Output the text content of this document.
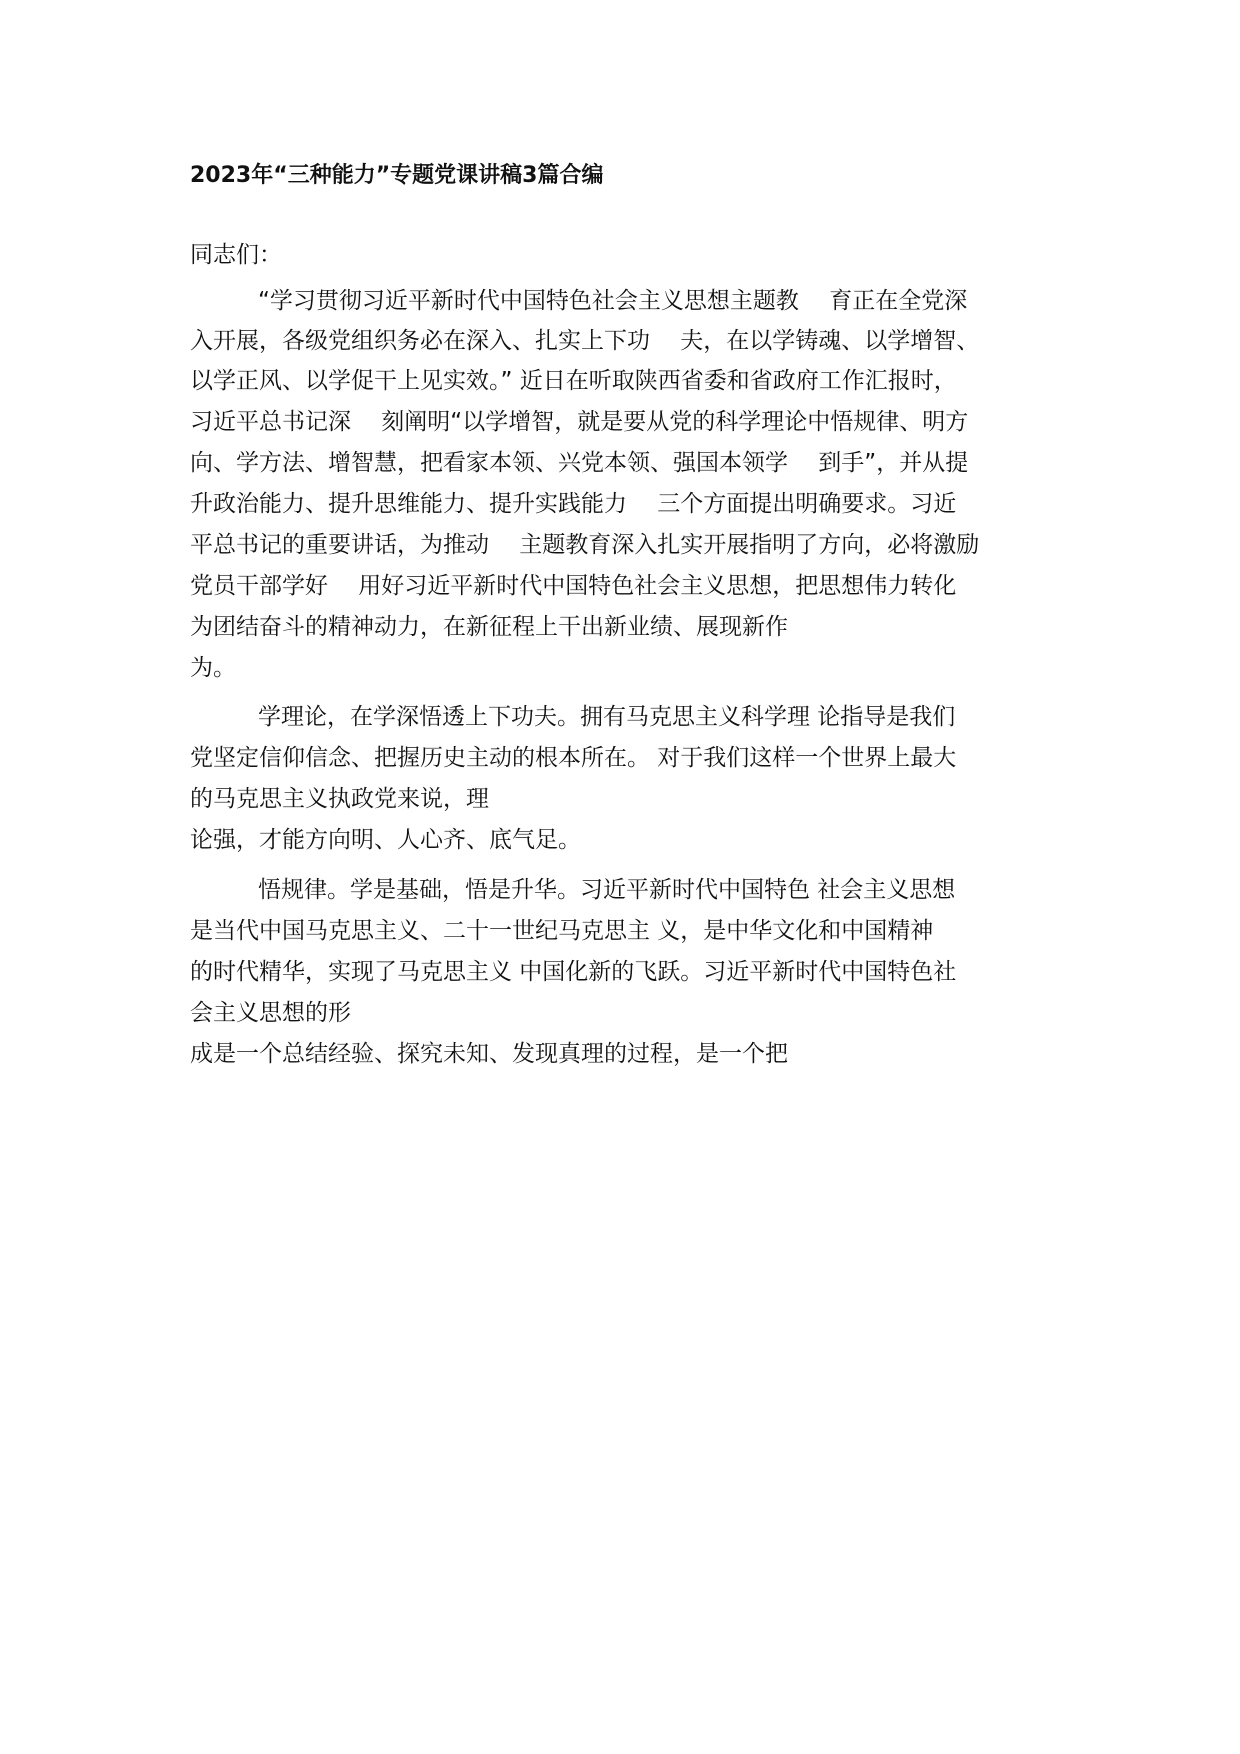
2023年“三种能力”专题党课讲稿3篇合编
同志们：
“学习贯彻习近平新时代中国特色社会主义思想主题教 　育正在全党深
入开展，各级党组织务必在深入、扎实上下功 　夫，在以学铸魂、以学增智、
以学正风、以学促干上见实效。” 近日在听取陕西省委和省政府工作汇报时，
习近平总书记深 　刻阐明“以学增智，就是要从党的科学理论中悟规律、明方
向、学方法、增智慧，把看家本领、兴党本领、强国本领学 　到手”，并从提
升政治能力、提升思维能力、提升实践能力 　三个方面提出明确要求。习近
平总书记的重要讲话，为推动 　主题教育深入扎实开展指明了方向，必将激励
党员干部学好 　用好习近平新时代中国特色社会主义思想，把思想伟力转化
为团结奋斗的精神动力，在新征程上干出新业绩、展现新作
为。
学理论，在学深悟透上下功夫。拥有马克思主义科学理 论指导是我们
党坚定信仰信念、把握历史主动的根本所在。 对于我们这样一个世界上最大
的马克思主义执政党来说，理
论强，才能方向明、人心齐、底气足。
悟规律。学是基础，悟是升华。习近平新时代中国特色 社会主义思想
是当代中国马克思主义、二十一世纪马克思主 义，是中华文化和中国精神
的时代精华，实现了马克思主义 中国化新的飞跃。习近平新时代中国特色社
会主义思想的形
成是一个总结经验、探究未知、发现真理的过程，是一个把
